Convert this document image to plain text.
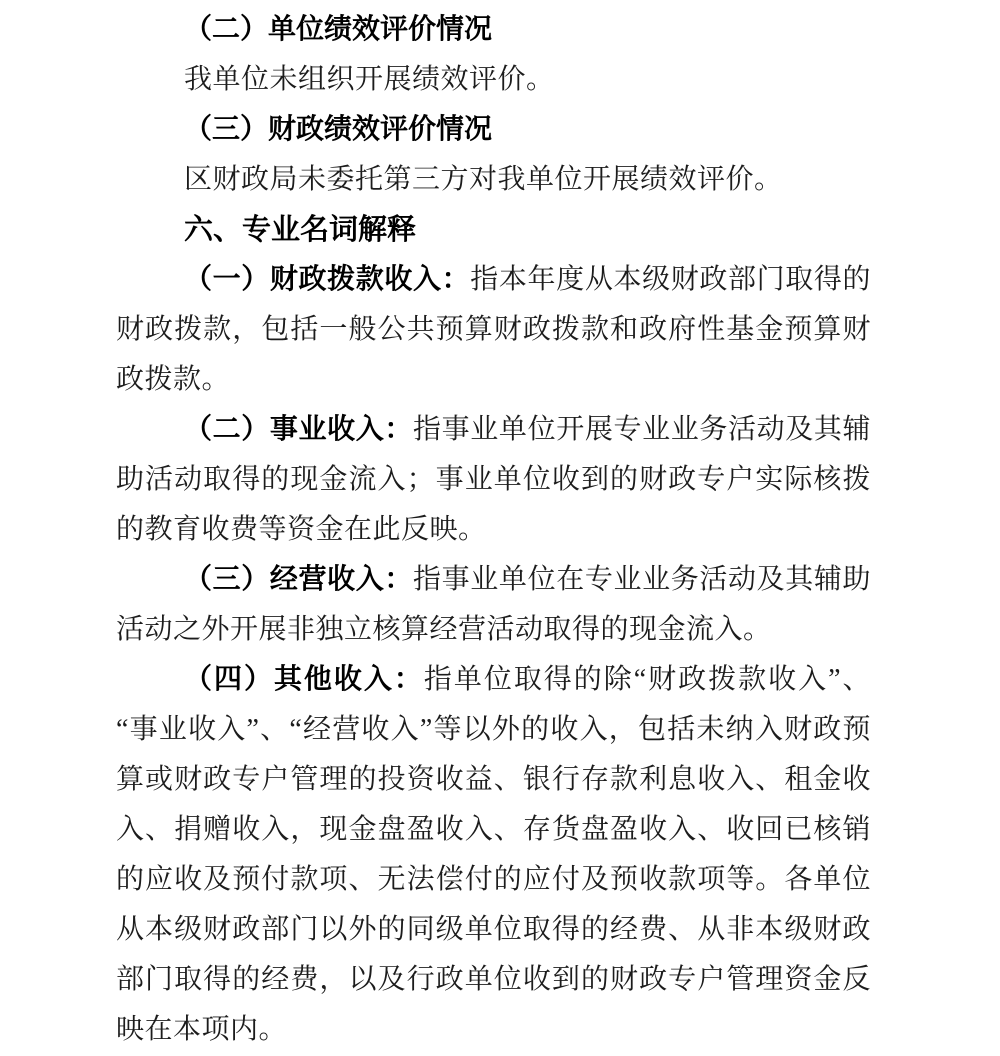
（二）单位绩效评价情况

我单位未组织开展绩效评价。

（三）财政绩效评价情况

区财政局未委托第三方对我单位开展绩效评价。

六、专业名词解释

（一）财政拨款收入：指本年度从本级财政部门取得的财政拨款，包括一般公共预算财政拨款和政府性基金预算财政拨款。

（二）事业收入：指事业单位开展专业业务活动及其辅助活动取得的现金流入；事业单位收到的财政专户实际核拨的教育收费等资金在此反映。

（三）经营收入：指事业单位在专业业务活动及其辅助活动之外开展非独立核算经营活动取得的现金流入。

（四）其他收入：指单位取得的除“财政拨款收入”、“事业收入”、“经营收入”等以外的收入，包括未纳入财政预算或财政专户管理的投资收益、银行存款利息收入、租金收入、捐赠收入，现金盘盈收入、存货盘盈收入、收回已核销的应收及预付款项、无法偿付的应付及预收款项等。各单位从本级财政部门以外的同级单位取得的经费、从非本级财政部门取得的经费，以及行政单位收到的财政专户管理资金反映在本项内。
